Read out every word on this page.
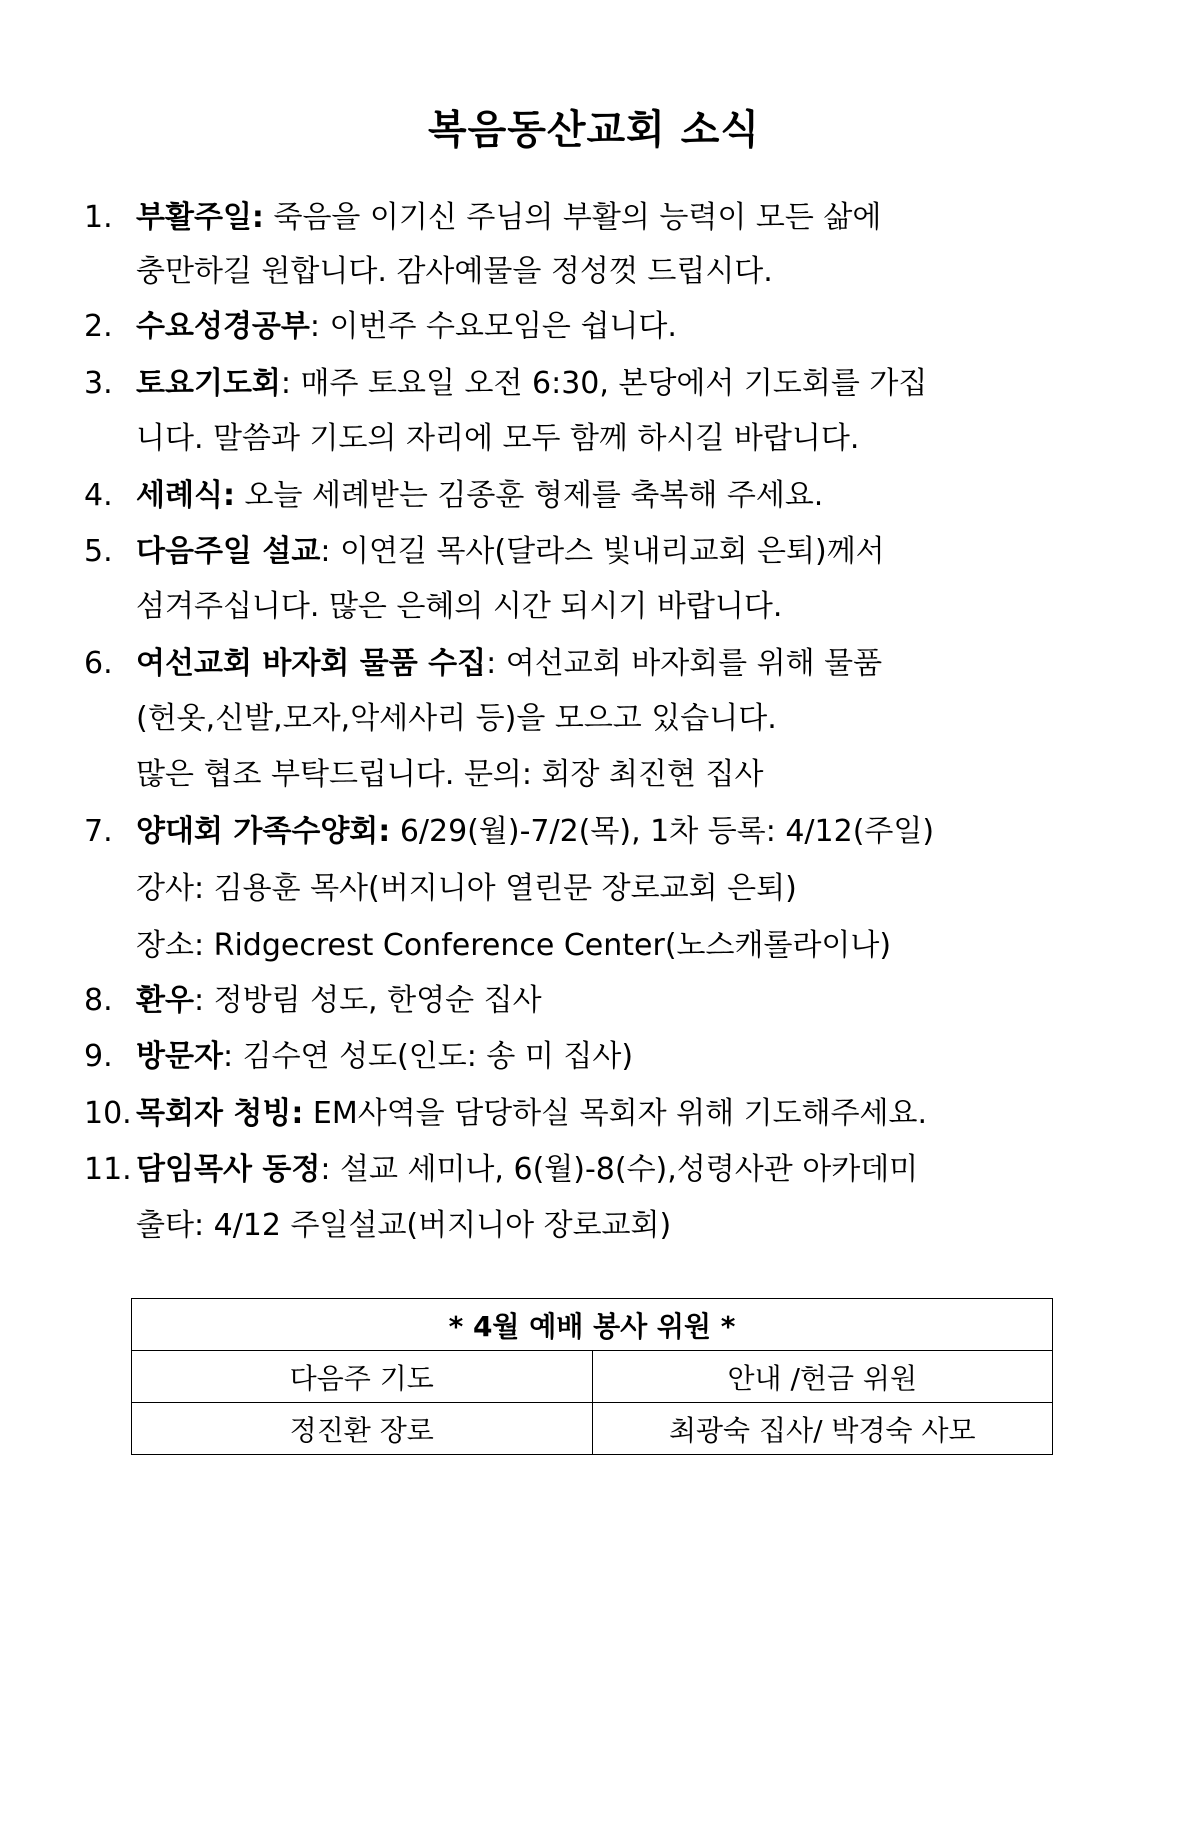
복음동산교회 소식
1. 부활주일: 죽음을 이기신 주님의 부활의 능력이 모든 삶에
충만하길 원합니다. 감사예물을 정성껏 드립시다.
2. 수요성경공부: 이번주 수요모임은 쉽니다.
3. 토요기도회: 매주 토요일 오전 6:30, 본당에서 기도회를 가집
니다. 말씀과 기도의 자리에 모두 함께 하시길 바랍니다.
4. 세례식: 오늘 세례받는 김종훈 형제를 축복해 주세요.
5. 다음주일 설교: 이연길 목사(달라스 빛내리교회 은퇴)께서
섬겨주십니다. 많은 은혜의 시간 되시기 바랍니다.
6. 여선교회 바자회 물품 수집: 여선교회 바자회를 위해 물품
(헌옷,신발,모자,악세사리 등)을 모으고 있습니다.
많은 협조 부탁드립니다. 문의: 회장 최진현 집사
7. 양대회 가족수양회: 6/29(월)-7/2(목), 1차 등록: 4/12(주일)
강사: 김용훈 목사(버지니아 열린문 장로교회 은퇴)
장소: Ridgecrest Conference Center(노스캐롤라이나)
8. 환우: 정방림 성도, 한영순 집사
9. 방문자: 김수연 성도(인도: 송 미 집사)
10. 목회자 청빙: EM사역을 담당하실 목회자 위해 기도해주세요.
11. 담임목사 동정: 설교 세미나, 6(월)-8(수),성령사관 아카데미
출타: 4/12 주일설교(버지니아 장로교회)
* 4월 예배 봉사 위원 *	
다음주 기도	안내 /헌금 위원
정진환 장로	최광숙 집사/ 박경숙 사모
